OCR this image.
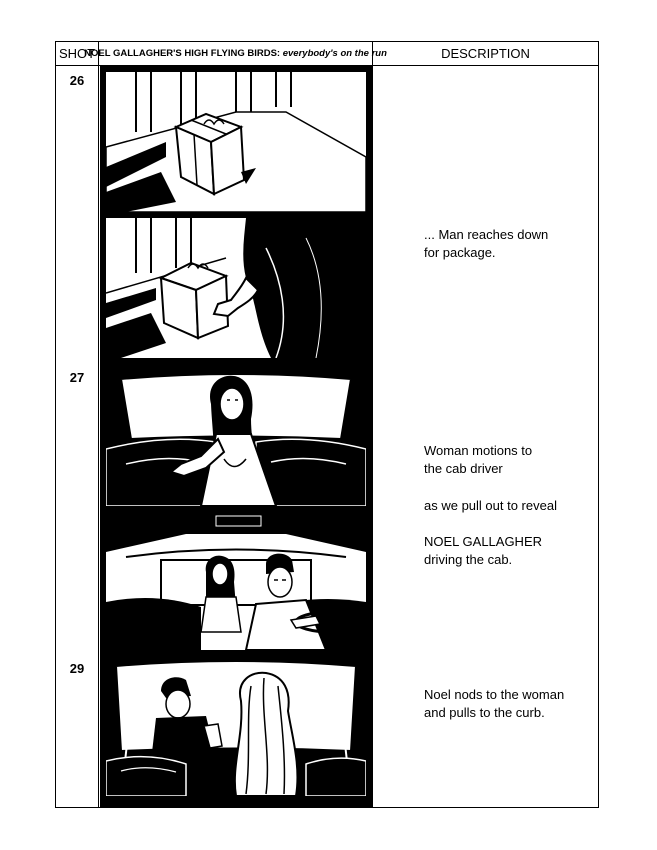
SHOT
NOEL GALLAGHER'S HIGH FLYING BIRDS:
everybody's on the run	DESCRIPTION
26
27
29

... Man reaches down

for package.

Woman motions to

the cab driver

as we pull out to reveal

NOEL GALLAGHER

driving the cab.

Noel nods to the woman

and pulls to the curb.
